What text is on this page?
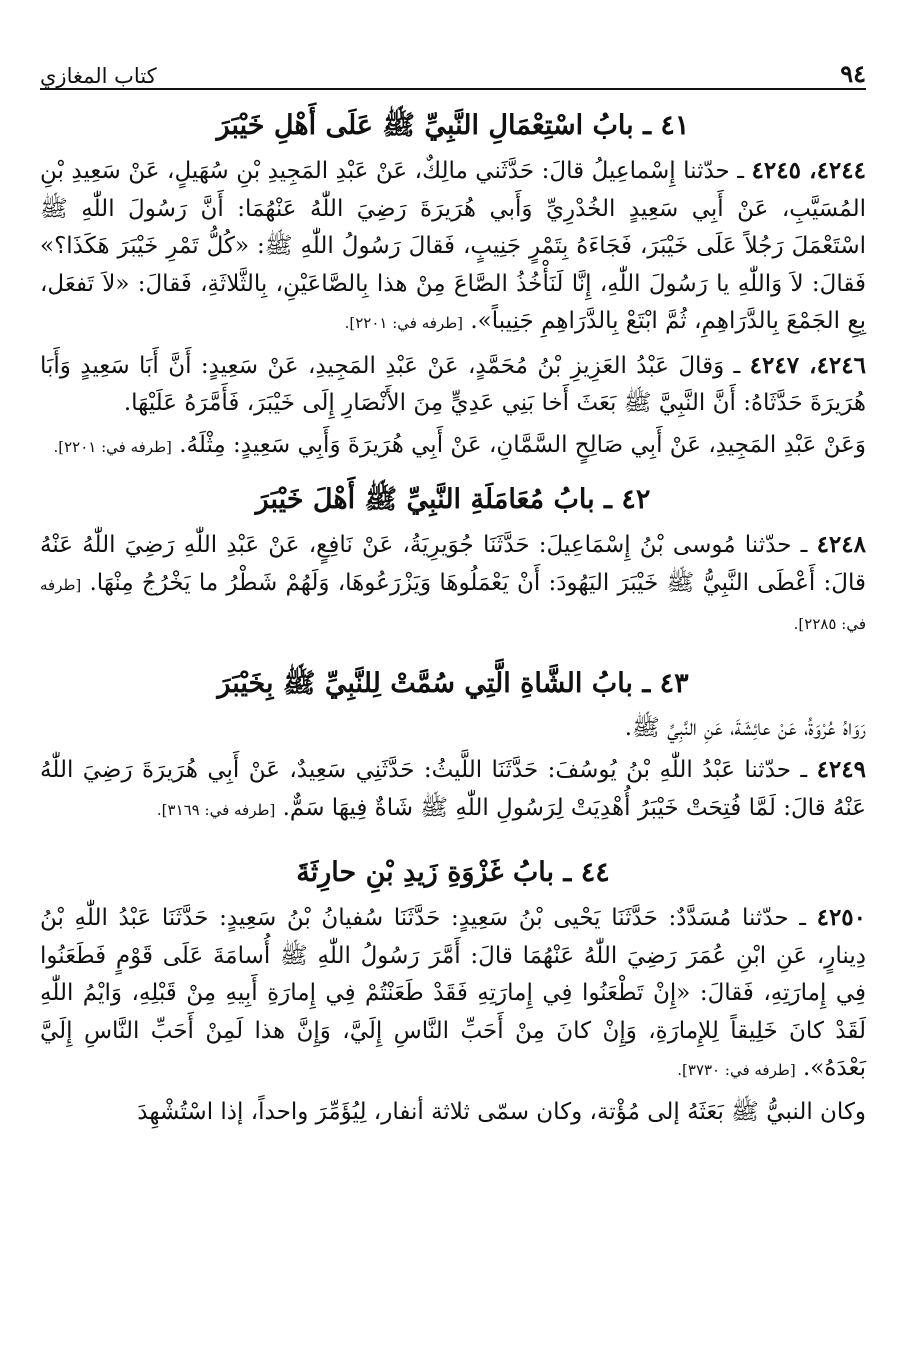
كتاب المغازي	٩٤
٤١ ـ بابُ اسْتِعْمَالِ النَّبِيِّ ﷺ عَلَى أَهْلِ خَيْبَرَ

٤٢٤٤، ٤٢٤٥ ـ حدّثنا إِسْماعِيلُ قالَ: حَدَّثَني مالِكٌ، عَنْ عَبْدِ المَجِيدِ بْنِ سُهَيلٍ، عَنْ سَعِيدِ بْنِ المُسَيَّبِ، عَنْ أَبِي سَعِيدٍ الخُدْرِيِّ وَأَبي هُرَيرَةَ رَضِيَ اللّٰهُ عَنْهُمَا: أَنَّ رَسُولَ اللّٰهِ ﷺ اسْتَعْمَلَ رَجُلاً عَلَى خَيْبَرَ، فَجَاءَهُ بِتَمْرٍ جَنِيبٍ، فَقالَ رَسُولُ اللّٰهِ ﷺ: «كُلُّ تَمْرِ خَيْبَرَ هَكَذَا؟» فَقالَ: لاَ وَاللّٰهِ يا رَسُولَ اللّٰهِ، إِنَّا لَنَأْخُذُ الصَّاعَ مِنْ هذا بِالصَّاعَيْنِ، بِالثَّلاثَةِ، فَقالَ: «لاَ تَفعَل، بِعِ الجَمْعَ بِالدَّرَاهِمِ، ثُمَّ ابْتَعْ بِالدَّرَاهِمِ جَنِيباً». [طرفه في: ٢٢٠١].

٤٢٤٦، ٤٢٤٧ ـ وَقالَ عَبْدُ العَزِيزِ بْنُ مُحَمَّدٍ، عَنْ عَبْدِ المَجِيدِ، عَنْ سَعِيدٍ: أَنَّ أَبَا سَعِيدٍ وَأَبَا هُرَيرَةَ حَدَّثَاهُ: أَنَّ النَّبِيَّ ﷺ بَعَثَ أَخا بَنِي عَدِيٍّ مِنَ الأَنْصَارِ إِلَى خَيْبَرَ، فَأَمَّرَهُ عَلَيْهَا.

وَعَنْ عَبْدِ المَجِيدِ، عَنْ أَبِي صَالِحٍ السَّمَّانِ، عَنْ أَبِي هُرَيرَةَ وَأَبِي سَعِيدٍ: مِثْلَهُ. [طرفه في: ٢٢٠١].

٤٢ ـ بابُ مُعَامَلَةِ النَّبِيِّ ﷺ أَهْلَ خَيْبَرَ

٤٢٤٨ ـ حدّثنا مُوسى بْنُ إِسْمَاعِيلَ: حَدَّثَنَا جُوَيرِيَةُ، عَنْ نَافِعٍ، عَنْ عَبْدِ اللّٰهِ رَضِيَ اللّٰهُ عَنْهُ قالَ: أَعْطَى النَّبِيُّ ﷺ خَيْبَرَ اليَهُودَ: أَنْ يَعْمَلُوهَا وَيَزْرَعُوهَا، وَلَهُمْ شَطْرُ ما يَخْرُجُ مِنْهَا. [طرفه في: ٢٢٨٥].

٤٣ ـ بابُ الشَّاةِ الَّتِي سُمَّتْ لِلنَّبِيِّ ﷺ بِخَيْبَرَ

رَوَاهُ عُرْوَةُ، عَنْ عائِشَةَ، عَنِ النَّبِيِّ ﷺ.

٤٢٤٩ ـ حدّثنا عَبْدُ اللّٰهِ بْنُ يُوسُفَ: حَدَّثَنَا اللَّيثُ: حَدَّثَنِي سَعِيدٌ، عَنْ أَبِي هُرَيرَةَ رَضِيَ اللّٰهُ عَنْهُ قالَ: لَمَّا فُتِحَتْ خَيْبَرُ أُهْدِيَتْ لِرَسُولِ اللّٰهِ ﷺ شَاةٌ فِيهَا سَمٌّ. [طرفه في: ٣١٦٩].

٤٤ ـ بابُ غَزْوَةِ زَيدِ بْنِ حارِثَةَ

٤٢٥٠ ـ حدّثنا مُسَدَّدٌ: حَدَّثَنَا يَحْيى بْنُ سَعِيدٍ: حَدَّثَنَا سُفيانُ بْنُ سَعِيدٍ: حَدَّثَنَا عَبْدُ اللّٰهِ بْنُ دِينارٍ، عَنِ ابْنِ عُمَرَ رَضِيَ اللّٰهُ عَنْهُمَا قالَ: أَمَّرَ رَسُولُ اللّٰهِ ﷺ أُسامَةَ عَلَى قَوْمٍ فَطَعَنُوا فِي إِمارَتِهِ، فَقالَ: «إِنْ تَطْعَنُوا فِي إِمارَتِهِ فَقَدْ طَعَنْتُمْ فِي إِمارَةِ أَبِيهِ مِنْ قَبْلِهِ، وَايْمُ اللّٰهِ لَقَدْ كانَ خَلِيقاً لِلإِمارَةِ، وَإِنْ كانَ مِنْ أَحَبِّ النَّاسِ إِلَيَّ، وَإِنَّ هذا لَمِنْ أَحَبِّ النَّاسِ إِلَيَّ بَعْدَهُ». [طرفه في: ٣٧٣٠].

وكان النبيُّ ﷺ بَعَثَهُ إلى مُؤْتة، وكان سمّى ثلاثة أنفار، لِيُؤَمِّرَ واحداً، إذا اسْتُشْهِدَ
